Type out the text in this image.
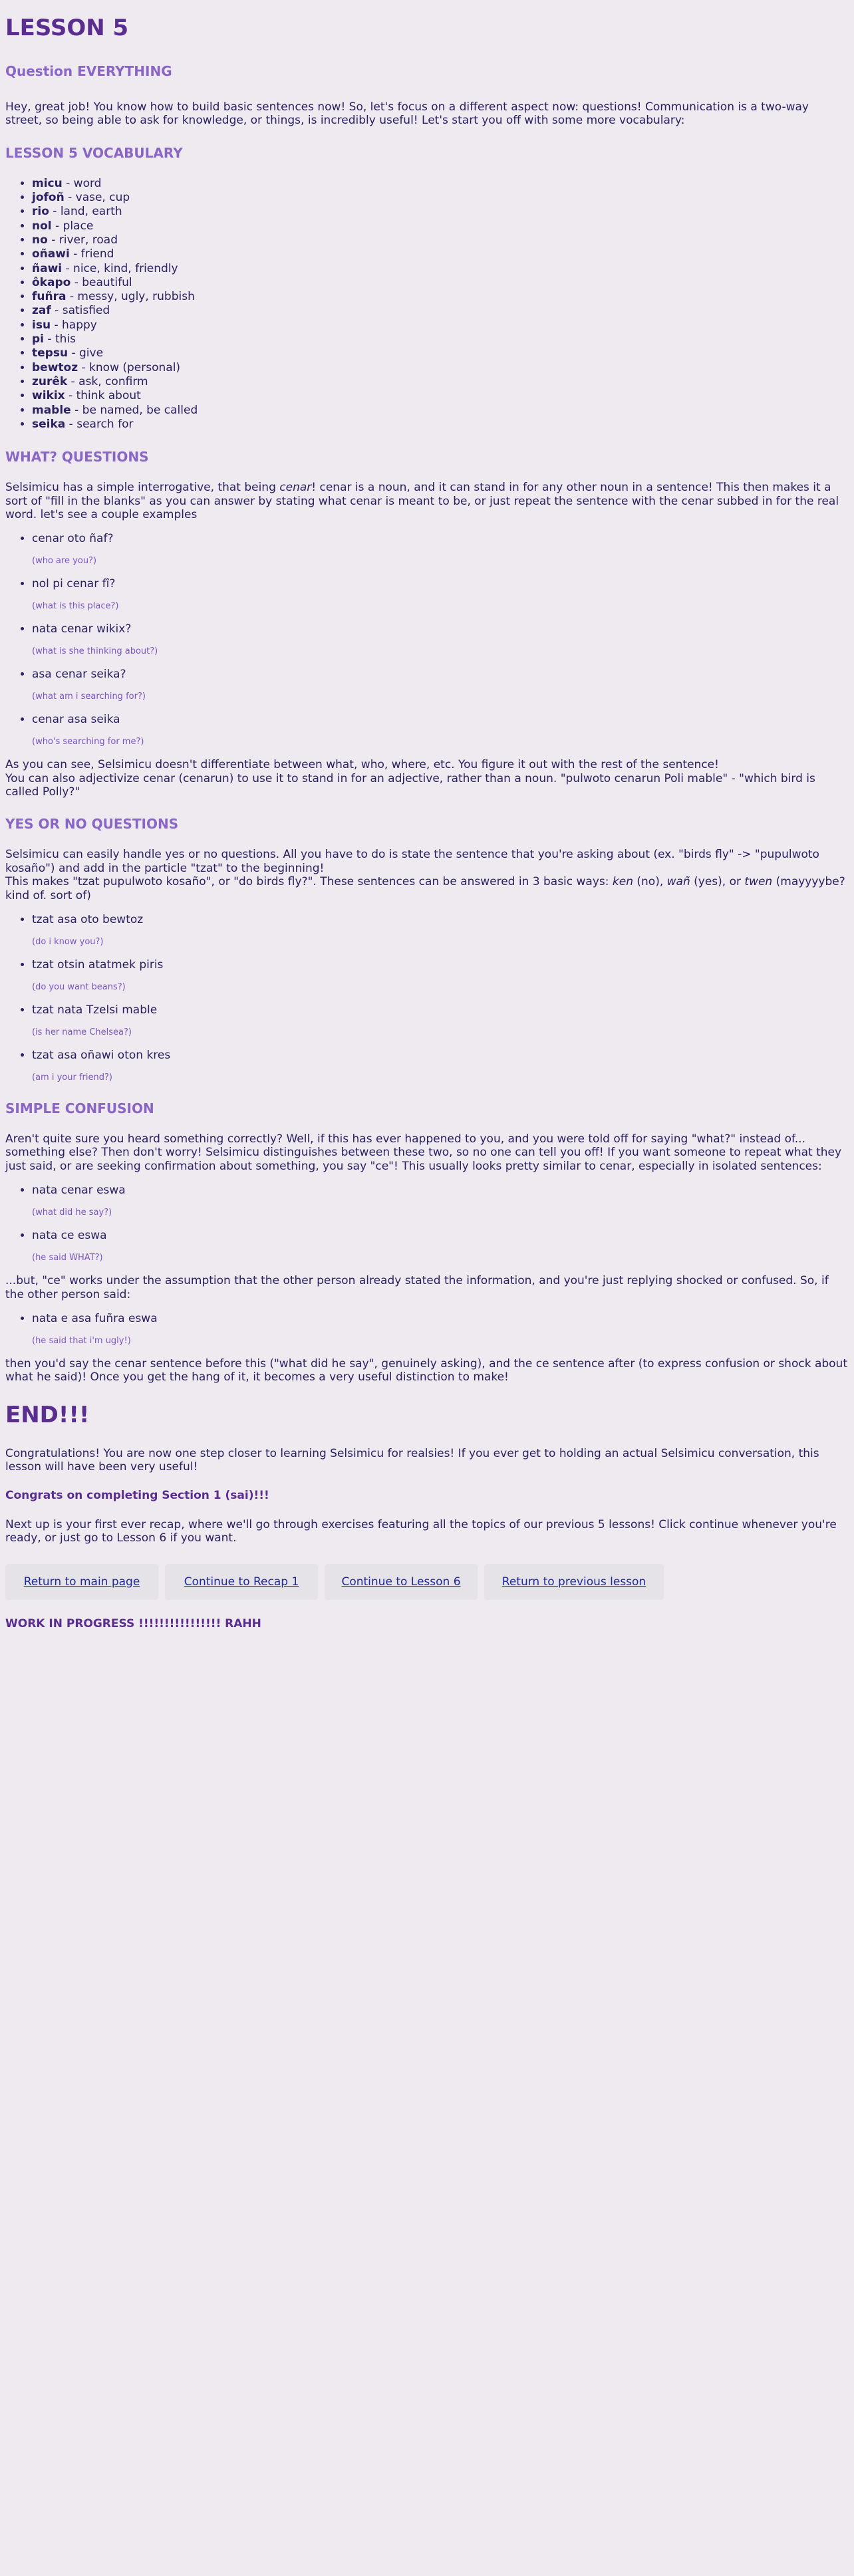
LESSON 5
Question EVERYTHING

Hey, great job! You know how to build basic sentences now! So, let's focus on a different aspect now: questions! Communication is a two-way street, so being able to ask for knowledge, or things, is incredibly useful! Let's start you off with some more vocabulary:

LESSON 5 VOCABULARY
• micu - word
• jofoñ - vase, cup
• rio - land, earth
• nol - place
• no - river, road
• oñawi - friend
• ñawi - nice, kind, friendly
• ôkapo - beautiful
• fuñra - messy, ugly, rubbish
• zaf - satisfied
• isu - happy
• pi - this
• tepsu - give
• bewtoz - know (personal)
• zurêk - ask, confirm
• wikix - think about
• mable - be named, be called
• seika - search for
WHAT? QUESTIONS

Selsimicu has a simple interrogative, that being cenar! cenar is a noun, and it can stand in for any other noun in a sentence! This then makes it a sort of "fill in the blanks" as you can answer by stating what cenar is meant to be, or just repeat the sentence with the cenar subbed in for the real word. let's see a couple examples

• cenar oto ñaf?
(who are you?)
• nol pi cenar fî?
(what is this place?)
• nata cenar wikix?
(what is she thinking about?)
• asa cenar seika?
(what am i searching for?)
• cenar asa seika
(who's searching for me?)

As you can see, Selsimicu doesn't differentiate between what, who, where, etc. You figure it out with the rest of the sentence!

You can also adjectivize cenar (cenarun) to use it to stand in for an adjective, rather than a noun. "pulwoto cenarun Poli mable" - "which bird is called Polly?"

YES OR NO QUESTIONS

Selsimicu can easily handle yes or no questions. All you have to do is state the sentence that you're asking about (ex. "birds fly" -> "pupulwoto kosaño") and add in the particle "tzat" to the beginning!

This makes "tzat pupulwoto kosaño", or "do birds fly?". These sentences can be answered in 3 basic ways: ken (no), wañ (yes), or twen (mayyyybe? kind of. sort of)

• tzat asa oto bewtoz
(do i know you?)
• tzat otsin atatmek piris
(do you want beans?)
• tzat nata Tzelsi mable
(is her name Chelsea?)
• tzat asa oñawi oton kres
(am i your friend?)
SIMPLE CONFUSION

Aren't quite sure you heard something correctly? Well, if this has ever happened to you, and you were told off for saying "what?" instead of... something else? Then don't worry! Selsimicu distinguishes between these two, so no one can tell you off! If you want someone to repeat what they just said, or are seeking confirmation about something, you say "ce"! This usually looks pretty similar to cenar, especially in isolated sentences:

• nata cenar eswa
(what did he say?)
• nata ce eswa
(he said WHAT?)

...but, "ce" works under the assumption that the other person already stated the information, and you're just replying shocked or confused. So, if the other person said:

• nata e asa fuñra eswa
(he said that i'm ugly!)

then you'd say the cenar sentence before this ("what did he say", genuinely asking), and the ce sentence after (to express confusion or shock about what he said)! Once you get the hang of it, it becomes a very useful distinction to make!

END!!!

Congratulations! You are now one step closer to learning Selsimicu for realsies! If you ever get to holding an actual Selsimicu conversation, this lesson will have been very useful!

Congrats on completing Section 1 (sai)!!!

Next up is your first ever recap, where we'll go through exercises featuring all the topics of our previous 5 lessons! Click continue whenever you're ready, or just go to Lesson 6 if you want.

Return to main page	Continue to Recap 1	Continue to Lesson 6	Return to previous lesson

WORK IN PROGRESS !!!!!!!!!!!!!!!! RAHH
